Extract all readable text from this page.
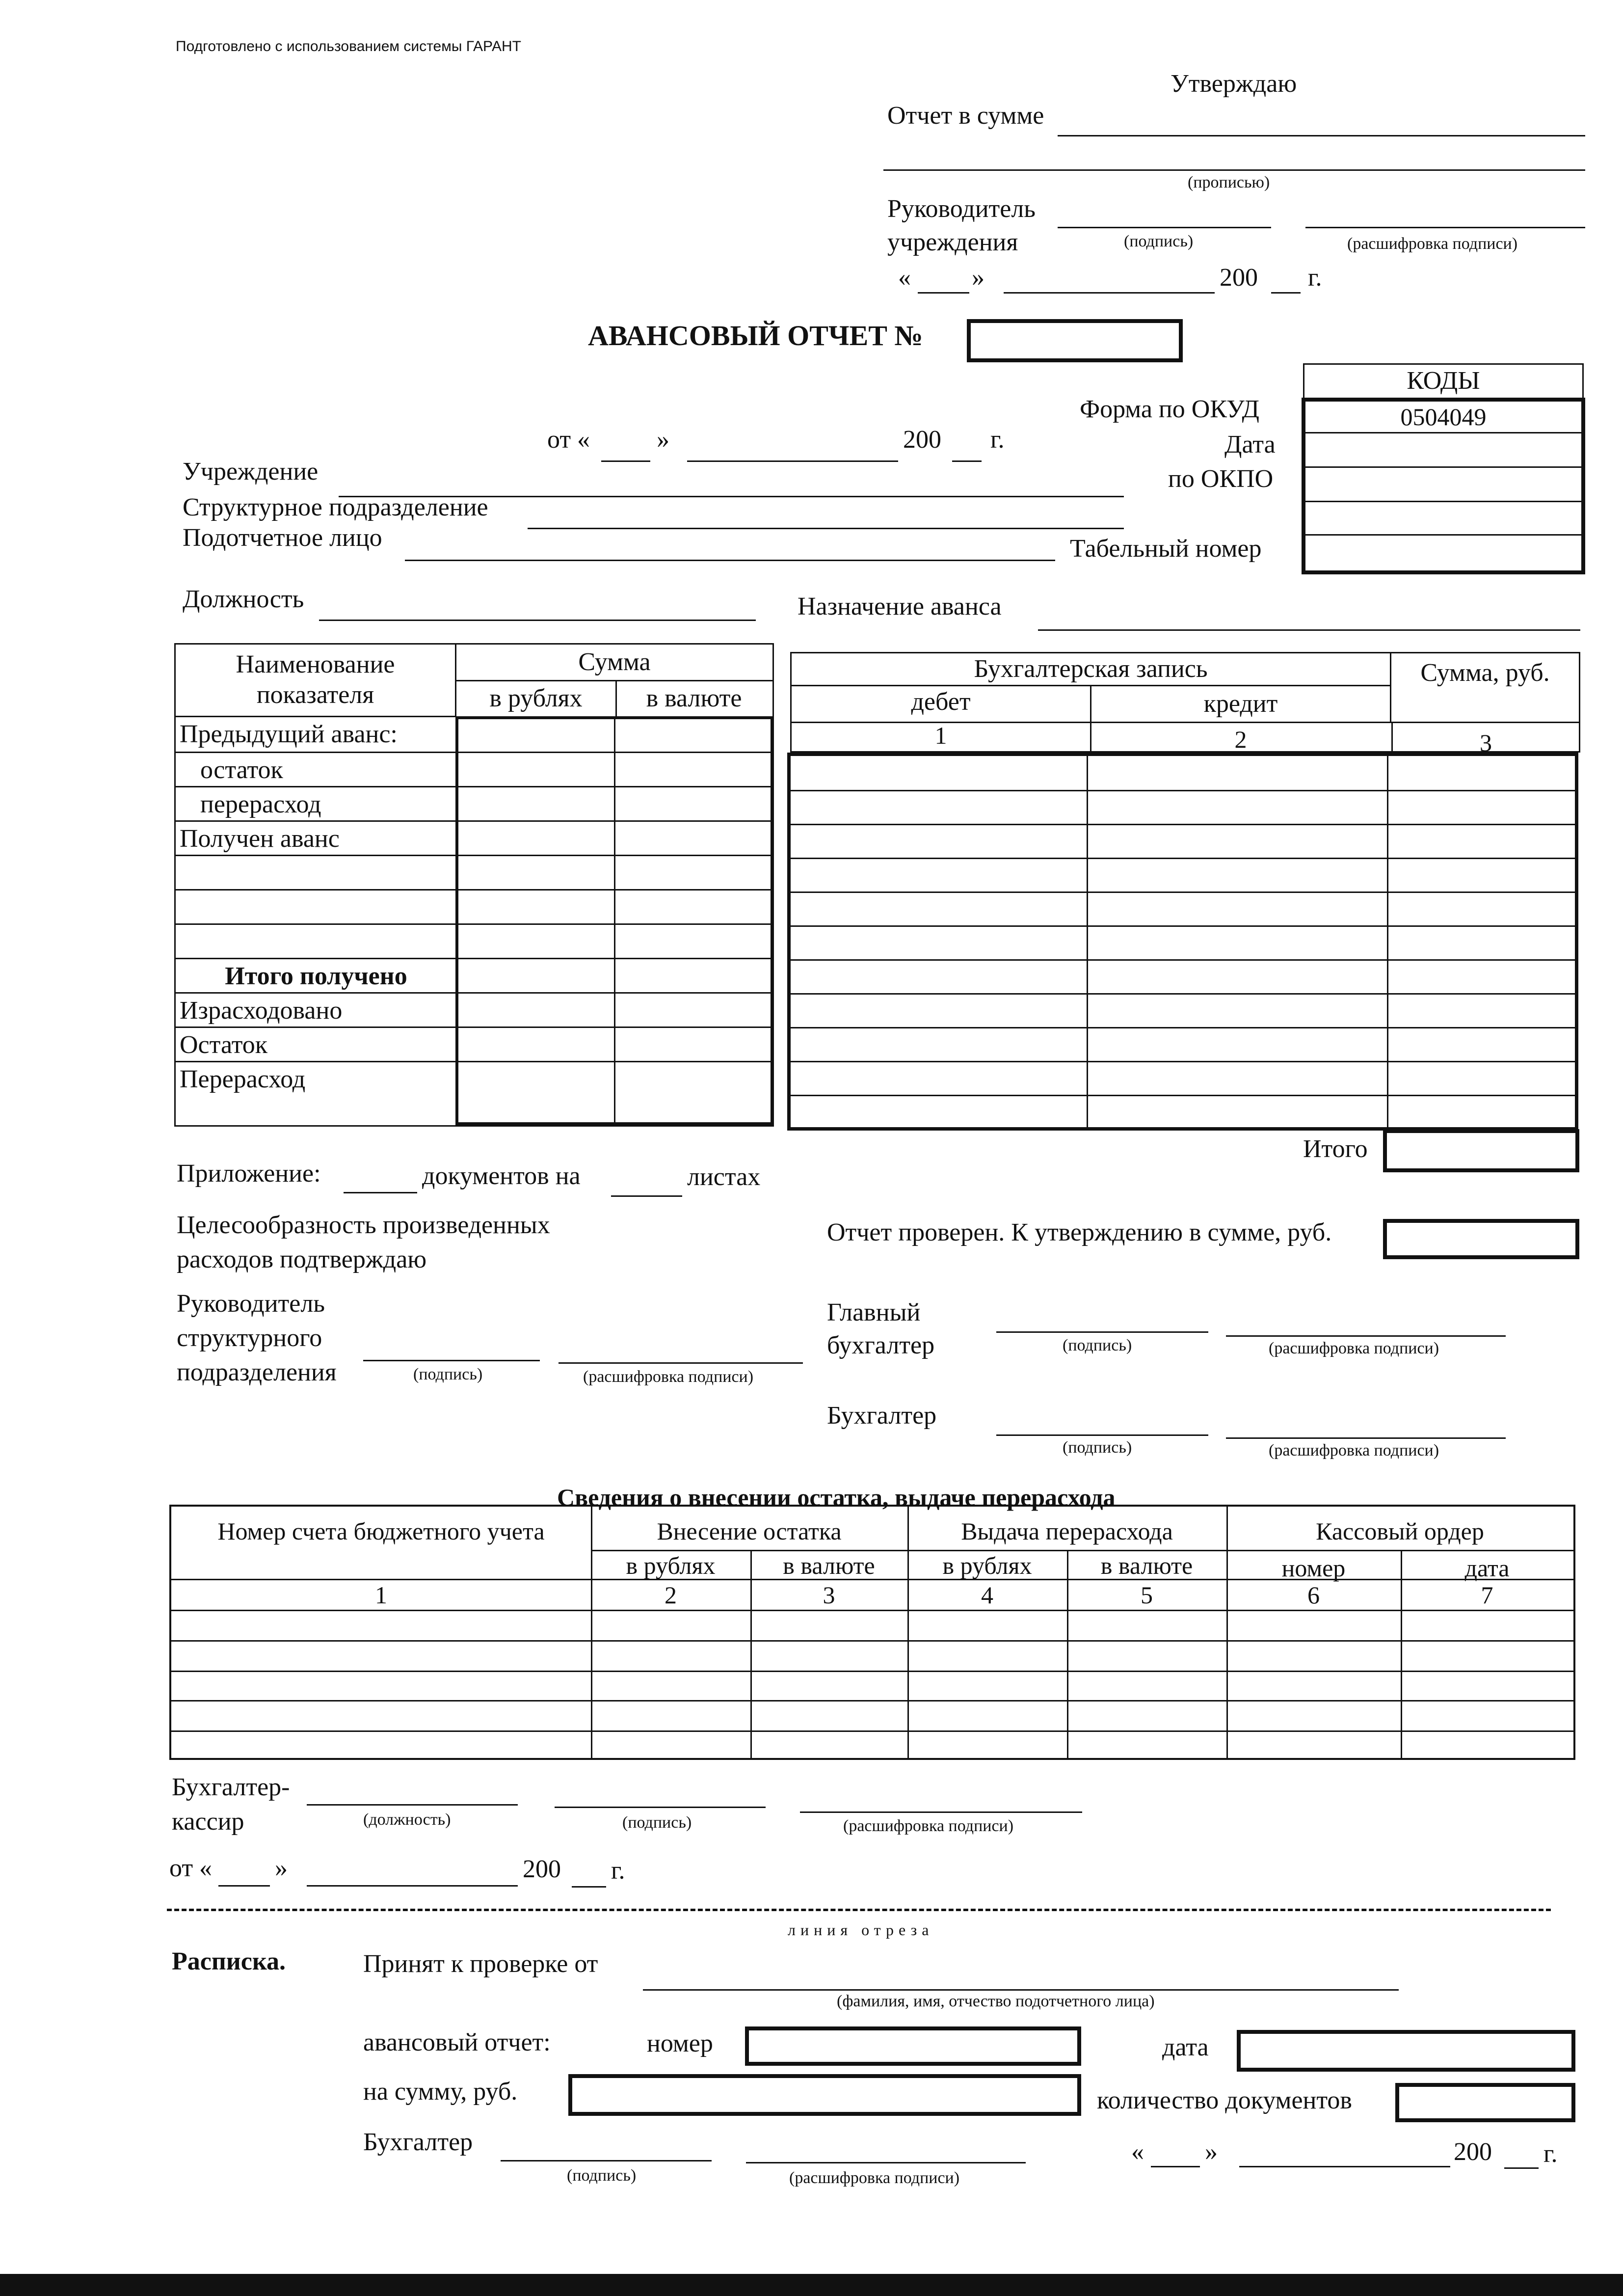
Подготовлено с использованием системы ГАРАНТ
Утверждаю
Отчет в сумме
(прописью)
Руководитель
учреждения	(подпись)	(расшифровка подписи)
« »	200 г.
АВАНСОВЫЙ ОТЧЕТ №
от «	»	200 г.
Форма по ОКУД
Дата
по ОКПО
Табельный номер
КОДЫ
0504049
Учреждение
Структурное подразделение
Подотчетное лицо
Должность	Назначение аванса
Наименование
показателя
Сумма
в рублях	в валюте
Предыдущий аванс:
остаток
перерасход
Получен аванс
Итого получено
Израсходовано
Остаток
Перерасход
Бухгалтерская запись
дебет	кредит
Сумма, руб.
1	2	3
Итого
Приложение:	документов на	листах
Целесообразность произведенных
расходов подтверждаю
Отчет проверен. К утверждению в сумме, руб.
Руководитель
структурного
подразделения	(подпись)	(расшифровка подписи)
Главный
бухгалтер	(подпись)	(расшифровка подписи)
Бухгалтер
(подпись)	(расшифровка подписи)
Сведения о внесении остатка, выдаче перерасхода
Номер счета бюджетного учета	Внесение остатка	Выдача перерасхода	Кассовый ордер
в рублях	в валюте	в рублях	в валюте	номер	дата
1	2	3	4	5	6	7
Бухгалтер-
кассир	(должность)	(подпись)	(расшифровка подписи)
от « »	200 г.
линия отреза
Расписка.	Принят к проверке от
(фамилия, имя, отчество подотчетного лица)
авансовый отчет:	номер	дата
на сумму, руб.	количество документов
Бухгалтер
(подпись)	(расшифровка подписи)
« »	200 г.
